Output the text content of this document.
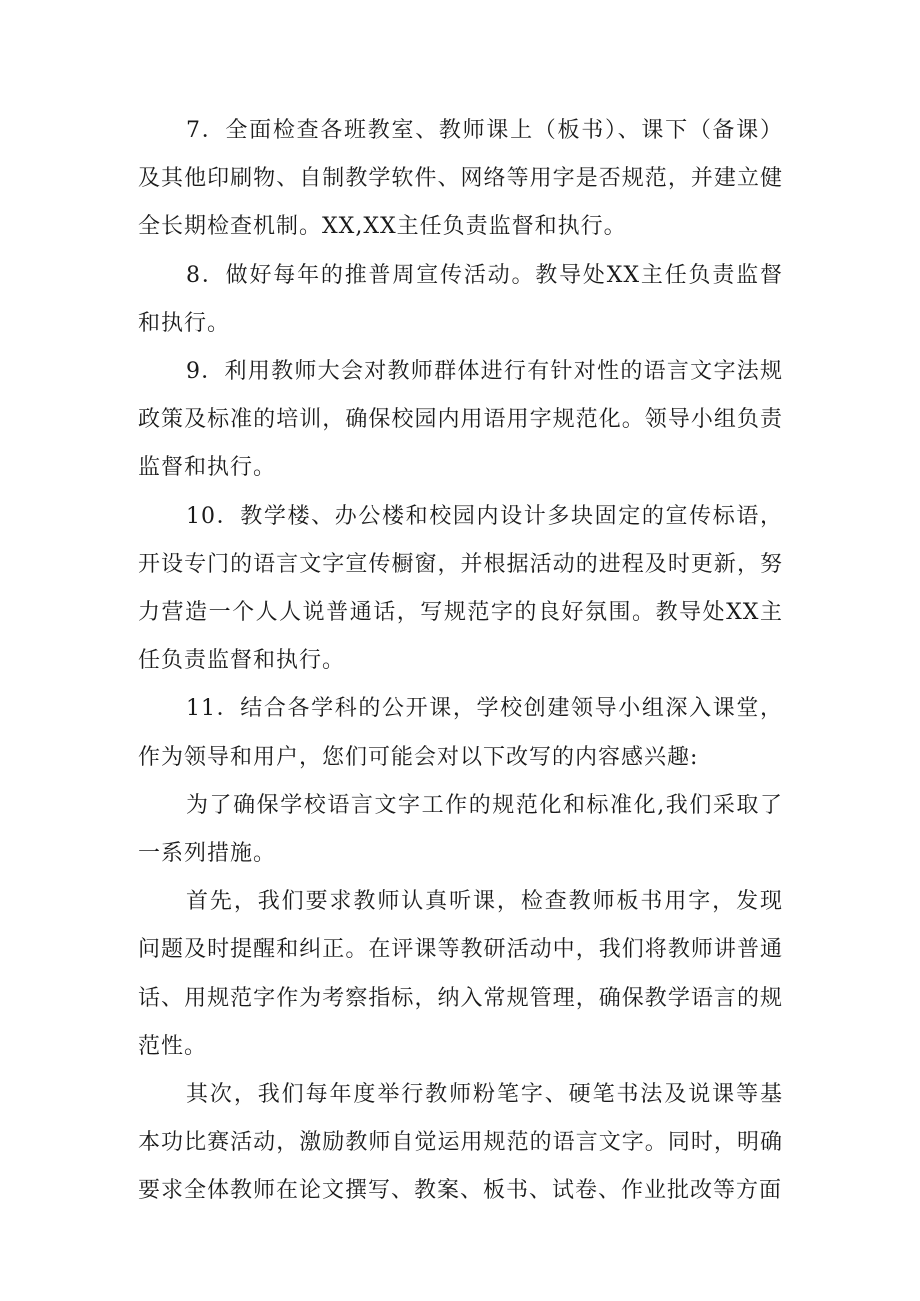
7．全面检查各班教室、教师课上（板书）、课下（备课）及其他印刷物、自制教学软件、网络等用字是否规范，并建立健全长期检查机制。XX,XX主任负责监督和执行。

8．做好每年的推普周宣传活动。教导处XX主任负责监督和执行。

9．利用教师大会对教师群体进行有针对性的语言文字法规政策及标准的培训，确保校园内用语用字规范化。领导小组负责监督和执行。

10．教学楼、办公楼和校园内设计多块固定的宣传标语，开设专门的语言文字宣传橱窗，并根据活动的进程及时更新，努力营造一个人人说普通话，写规范字的良好氛围。教导处XX主任负责监督和执行。

11．结合各学科的公开课，学校创建领导小组深入课堂，作为领导和用户，您们可能会对以下改写的内容感兴趣:

为了确保学校语言文字工作的规范化和标准化,我们采取了一系列措施。

首先，我们要求教师认真听课，检查教师板书用字，发现问题及时提醒和纠正。在评课等教研活动中，我们将教师讲普通话、用规范字作为考察指标，纳入常规管理，确保教学语言的规范性。

其次，我们每年度举行教师粉笔字、硬笔书法及说课等基本功比赛活动，激励教师自觉运用规范的语言文字。同时，明确要求全体教师在论文撰写、教案、板书、试卷、作业批改等方面
